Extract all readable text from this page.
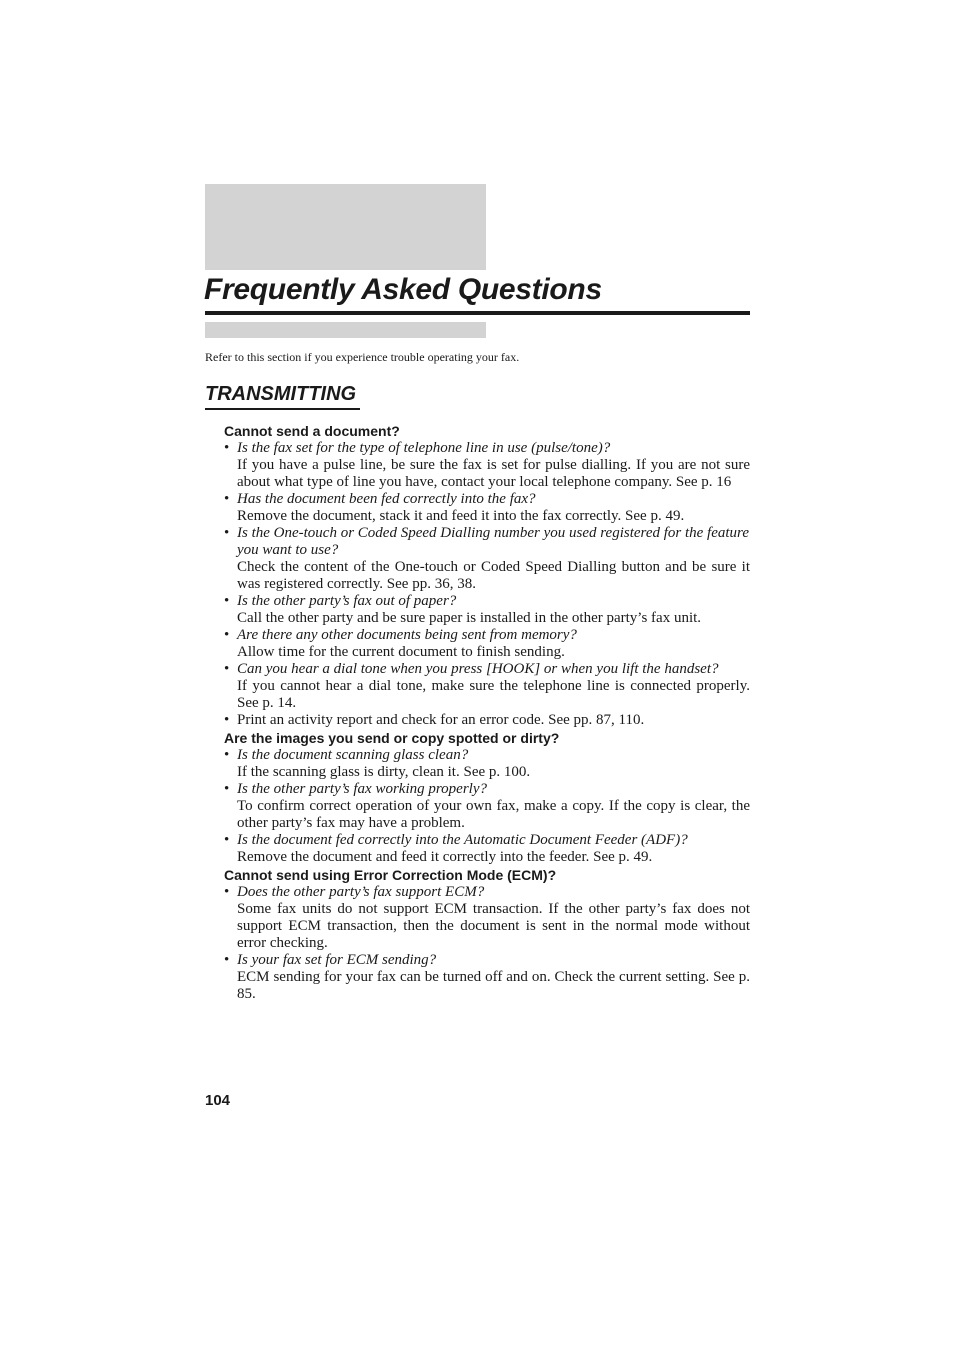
Frequently Asked Questions

Refer to this section if you experience trouble operating your fax.

TRANSMITTING
Cannot send a document?
• Is the fax set for the type of telephone line in use (pulse/tone)?
If you have a pulse line, be sure the fax is set for pulse dialling. If you are not sure about what type of line you have, contact your local telephone company. See p. 16
• Has the document been fed correctly into the fax?
Remove the document, stack it and feed it into the fax correctly. See p. 49.
• Is the One-touch or Coded Speed Dialling number you used registered for the feature you want to use?
Check the content of the One-touch or Coded Speed Dialling button and be sure it was registered correctly. See pp. 36, 38.
• Is the other party’s fax out of paper?
Call the other party and be sure paper is installed in the other party’s fax unit.
• Are there any other documents being sent from memory?
Allow time for the current document to finish sending.
• Can you hear a dial tone when you press [HOOK] or when you lift the handset?
If you cannot hear a dial tone, make sure the telephone line is connected properly. See p. 14.
• Print an activity report and check for an error code. See pp. 87, 110.
Are the images you send or copy spotted or dirty?
• Is the document scanning glass clean?
If the scanning glass is dirty, clean it. See p. 100.
• Is the other party’s fax working properly?
To confirm correct operation of your own fax, make a copy. If the copy is clear, the other party’s fax may have a problem.
• Is the document fed correctly into the Automatic Document Feeder (ADF)?
Remove the document and feed it correctly into the feeder. See p. 49.
Cannot send using Error Correction Mode (ECM)?
• Does the other party’s fax support ECM?
Some fax units do not support ECM transaction. If the other party’s fax does not support ECM transaction, then the document is sent in the normal mode without error checking.
• Is your fax set for ECM sending?
ECM sending for your fax can be turned off and on. Check the current setting. See p. 85.

104
